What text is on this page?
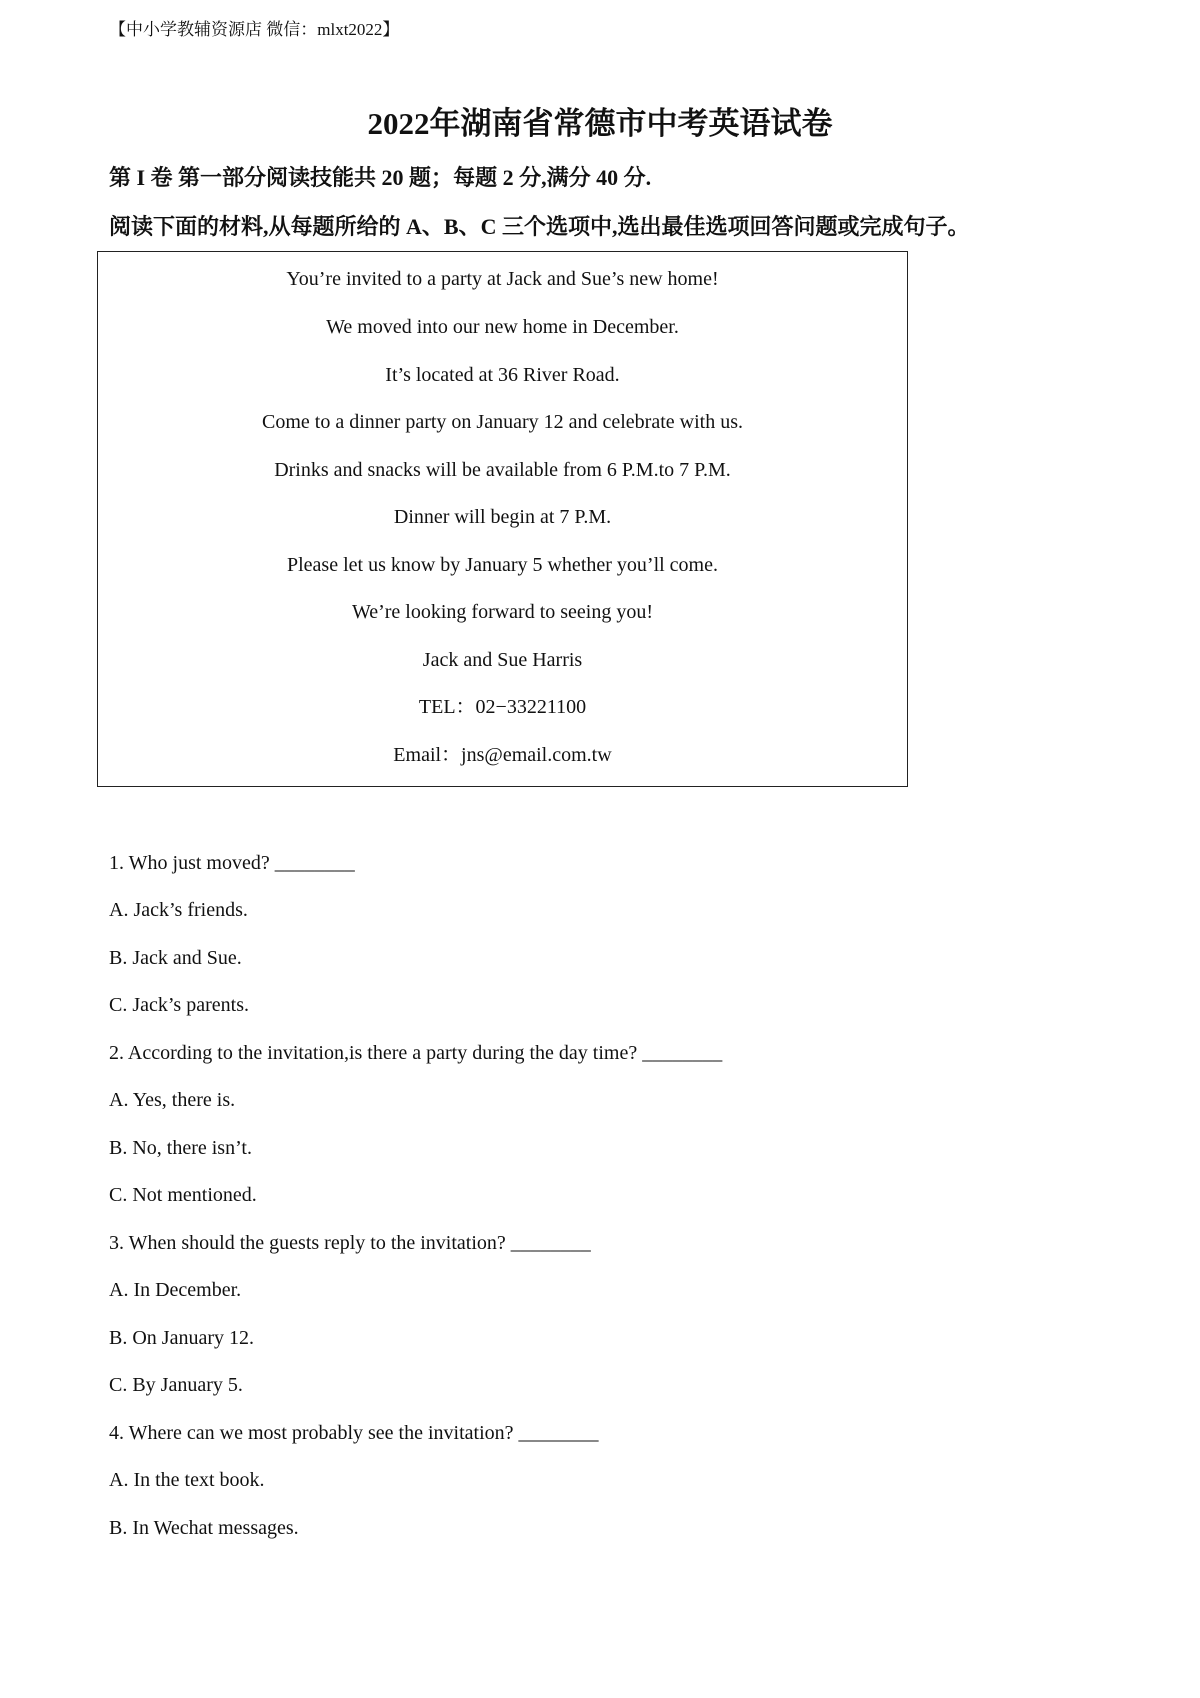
【中小学教辅资源店 微信：mlxt2022】
2022年湖南省常德市中考英语试卷
第 I 卷 第一部分阅读技能共 20 题；每题 2 分,满分 40 分.
阅读下面的材料,从每题所给的 A、B、C 三个选项中,选出最佳选项回答问题或完成句子。
You’re invited to a party at Jack and Sue’s new home!
We moved into our new home in December.
It’s located at 36 River Road.
Come to a dinner party on January 12 and celebrate with us.
Drinks and snacks will be available from 6 P.M.to 7 P.M.
Dinner will begin at 7 P.M.
Please let us know by January 5 whether you’ll come.
We’re looking forward to seeing you!
Jack and Sue Harris
TEL：02−33221100
Email：jns@email.com.tw
1. Who just moved? ________
A. Jack’s friends.
B. Jack and Sue.
C. Jack’s parents.
2. According to the invitation,is there a party during the day time? ________
A. Yes, there is.
B. No, there isn’t.
C. Not mentioned.
3. When should the guests reply to the invitation? ________
A. In December.
B. On January 12.
C. By January 5.
4. Where can we most probably see the invitation? ________
A. In the text book.
B. In Wechat messages.
